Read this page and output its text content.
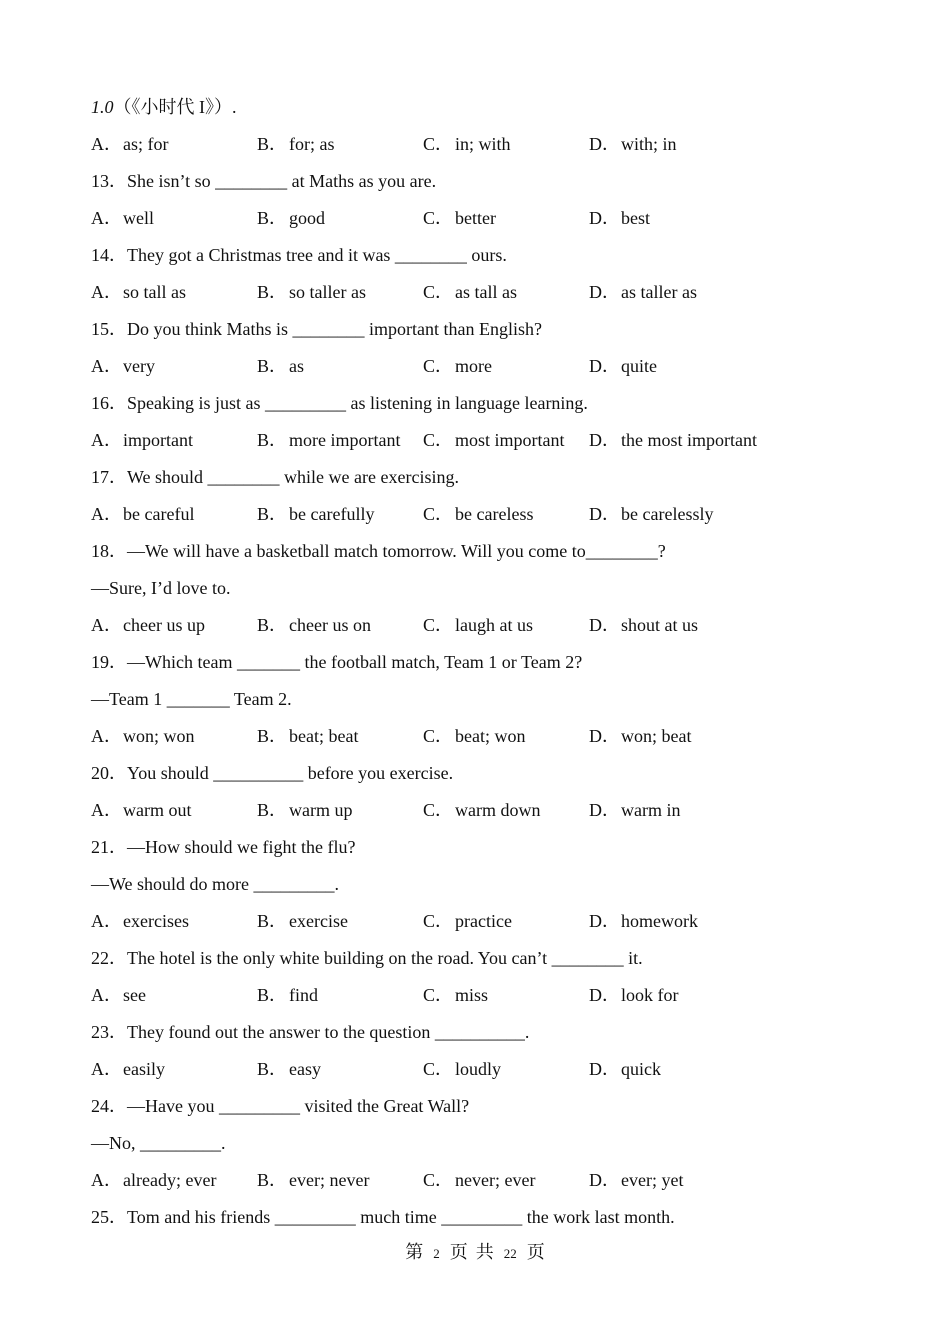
1.0（《小时代 I》）.
A．as; for	B． for; as	C． in; with	D．with; in
13．She isn’t so ________ at Maths as you are.
A．well	B． good	C． better	D．best
14．They got a Christmas tree and it was ________ ours.
A．so tall as	B． so taller as	C． as tall as	D．as taller as
15．Do you think Maths is ________ important than English?
A．very	B． as	C． more	D．quite
16．Speaking is just as _________ as listening in language learning.
A．important	B． more important	C． most important	D．the most important
17．We should ________ while we are exercising.
A．be careful	B． be carefully	C． be careless	D．be carelessly
18．—We will have a basketball match tomorrow. Will you come to________?
—Sure, I’d love to.
A．cheer us up	B． cheer us on	C． laugh at us	D．shout at us
19．—Which team _______ the football match, Team 1 or Team 2?
—Team 1 _______ Team 2.
A．won; won	B． beat; beat	C． beat; won	D．won; beat
20．You should __________ before you exercise.
A．warm out	B． warm up	C． warm down	D．warm in
21．—How should we fight the flu?
—We should do more _________.
A．exercises	B． exercise	C． practice	D．homework
22．The hotel is the only white building on the road. You can’t ________ it.
A．see	B． find	C． miss	D．look for
23．They found out the answer to the question __________.
A．easily	B． easy	C． loudly	D．quick
24．—Have you _________ visited the Great Wall?
—No, _________.
A．already; ever	B． ever; never	C． never; ever	D．ever; yet
25．Tom and his friends _________ much time _________ the work last month.
第 2 页 共 22 页
